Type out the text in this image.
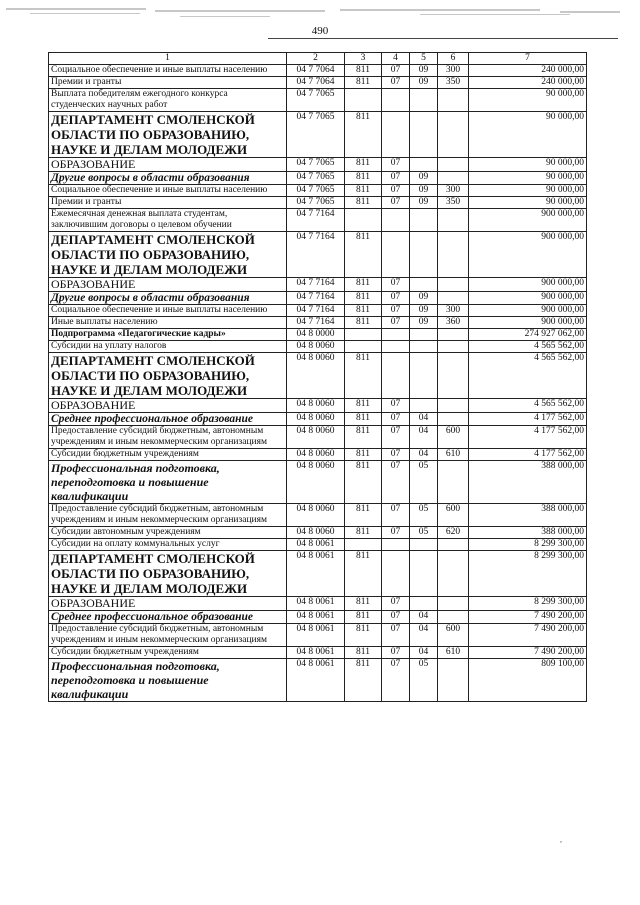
490
1	2	3	4	5	6	7
Социальное обеспечение и иные выплаты населению	04 7 7064	811	07	09	300	240 000,00
Премии и гранты	04 7 7064	811	07	09	350	240 000,00
Выплата победителям ежегодного конкурса студенческих научных работ	04 7 7065					90 000,00
ДЕПАРТАМЕНТ СМОЛЕНСКОЙ ОБЛАСТИ ПО ОБРАЗОВАНИЮ, НАУКЕ И ДЕЛАМ МОЛОДЕЖИ	04 7 7065	811				90 000,00
ОБРАЗОВАНИЕ	04 7 7065	811	07			90 000,00
Другие вопросы в области образования	04 7 7065	811	07	09		90 000,00
Социальное обеспечение и иные выплаты населению	04 7 7065	811	07	09	300	90 000,00
Премии и гранты	04 7 7065	811	07	09	350	90 000,00
Ежемесячная денежная выплата студентам, заключившим договоры о целевом обучении	04 7 7164					900 000,00
ДЕПАРТАМЕНТ СМОЛЕНСКОЙ ОБЛАСТИ ПО ОБРАЗОВАНИЮ, НАУКЕ И ДЕЛАМ МОЛОДЕЖИ	04 7 7164	811				900 000,00
ОБРАЗОВАНИЕ	04 7 7164	811	07			900 000,00
Другие вопросы в области образования	04 7 7164	811	07	09		900 000,00
Социальное обеспечение и иные выплаты населению	04 7 7164	811	07	09	300	900 000,00
Иные выплаты населению	04 7 7164	811	07	09	360	900 000,00
Подпрограмма «Педагогические кадры»	04 8 0000					274 927 062,00
Субсидии на уплату налогов	04 8 0060					4 565 562,00
ДЕПАРТАМЕНТ СМОЛЕНСКОЙ ОБЛАСТИ ПО ОБРАЗОВАНИЮ, НАУКЕ И ДЕЛАМ МОЛОДЕЖИ	04 8 0060	811				4 565 562,00
ОБРАЗОВАНИЕ	04 8 0060	811	07			4 565 562,00
Среднее профессиональное образование	04 8 0060	811	07	04		4 177 562,00
Предоставление субсидий бюджетным, автономным учреждениям и иным некоммерческим организациям	04 8 0060	811	07	04	600	4 177 562,00
Субсидии бюджетным учреждениям	04 8 0060	811	07	04	610	4 177 562,00
Профессиональная подготовка, переподготовка и повышение квалификации	04 8 0060	811	07	05		388 000,00
Предоставление субсидий бюджетным, автономным учреждениям и иным некоммерческим организациям	04 8 0060	811	07	05	600	388 000,00
Субсидии автономным учреждениям	04 8 0060	811	07	05	620	388 000,00
Субсидии на оплату коммунальных услуг	04 8 0061					8 299 300,00
ДЕПАРТАМЕНТ СМОЛЕНСКОЙ ОБЛАСТИ ПО ОБРАЗОВАНИЮ, НАУКЕ И ДЕЛАМ МОЛОДЕЖИ	04 8 0061	811				8 299 300,00
ОБРАЗОВАНИЕ	04 8 0061	811	07			8 299 300,00
Среднее профессиональное образование	04 8 0061	811	07	04		7 490 200,00
Предоставление субсидий бюджетным, автономным учреждениям и иным некоммерческим организациям	04 8 0061	811	07	04	600	7 490 200,00
Субсидии бюджетным учреждениям	04 8 0061	811	07	04	610	7 490 200,00
Профессиональная подготовка, переподготовка и повышение квалификации	04 8 0061	811	07	05		809 100,00
,
